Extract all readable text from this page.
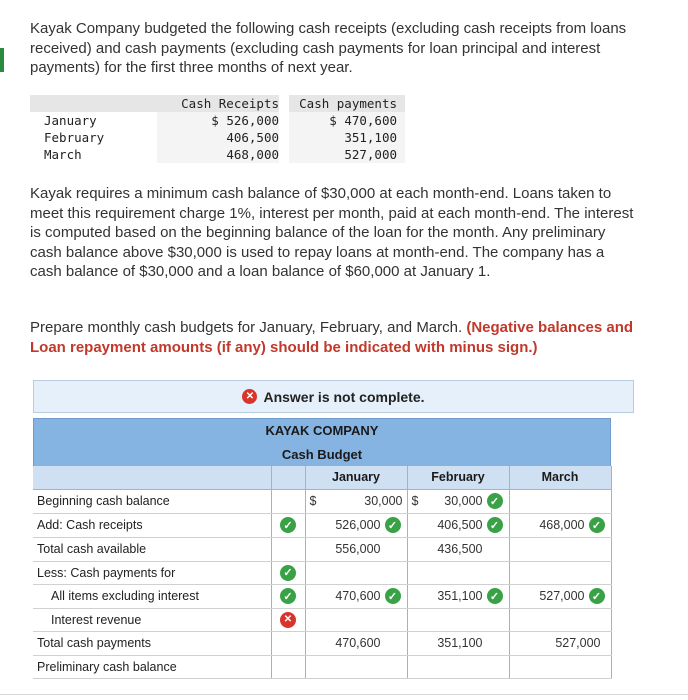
Kayak Company budgeted the following cash receipts (excluding cash receipts from loans received) and cash payments (excluding cash payments for loan principal and interest payments) for the first three months of next year.

	Cash Receipts		Cash payments
January	$ 526,000		$ 470,600
February	406,500		351,100
March	468,000		527,000

Kayak requires a minimum cash balance of $30,000 at each month-end. Loans taken to meet this requirement charge 1%, interest per month, paid at each month-end. The interest is computed based on the beginning balance of the loan for the month. Any preliminary cash balance above $30,000 is used to repay loans at month-end. The company has a cash balance of $30,000 and a loan balance of $60,000 at January 1.

Prepare monthly cash budgets for January, February, and March. (Negative balances and Loan repayment amounts (if any) should be indicated with minus sign.)

✕ Answer is not complete.
KAYAK COMPANY
Cash Budget
		January	February	March
Beginning cash balance		$ 30,000	$ 30,000 ✓	

Add: Cash receipts	✓	526,000 ✓	406,500 ✓	468,000 ✓

Total cash available		556,000	436,500	

Less: Cash payments for	✓			
All items excluding interest	✓	470,600 ✓	351,100 ✓	527,000 ✓

Interest revenue	✕			
Total cash payments		470,600	351,100	527,000

Preliminary cash balance				
